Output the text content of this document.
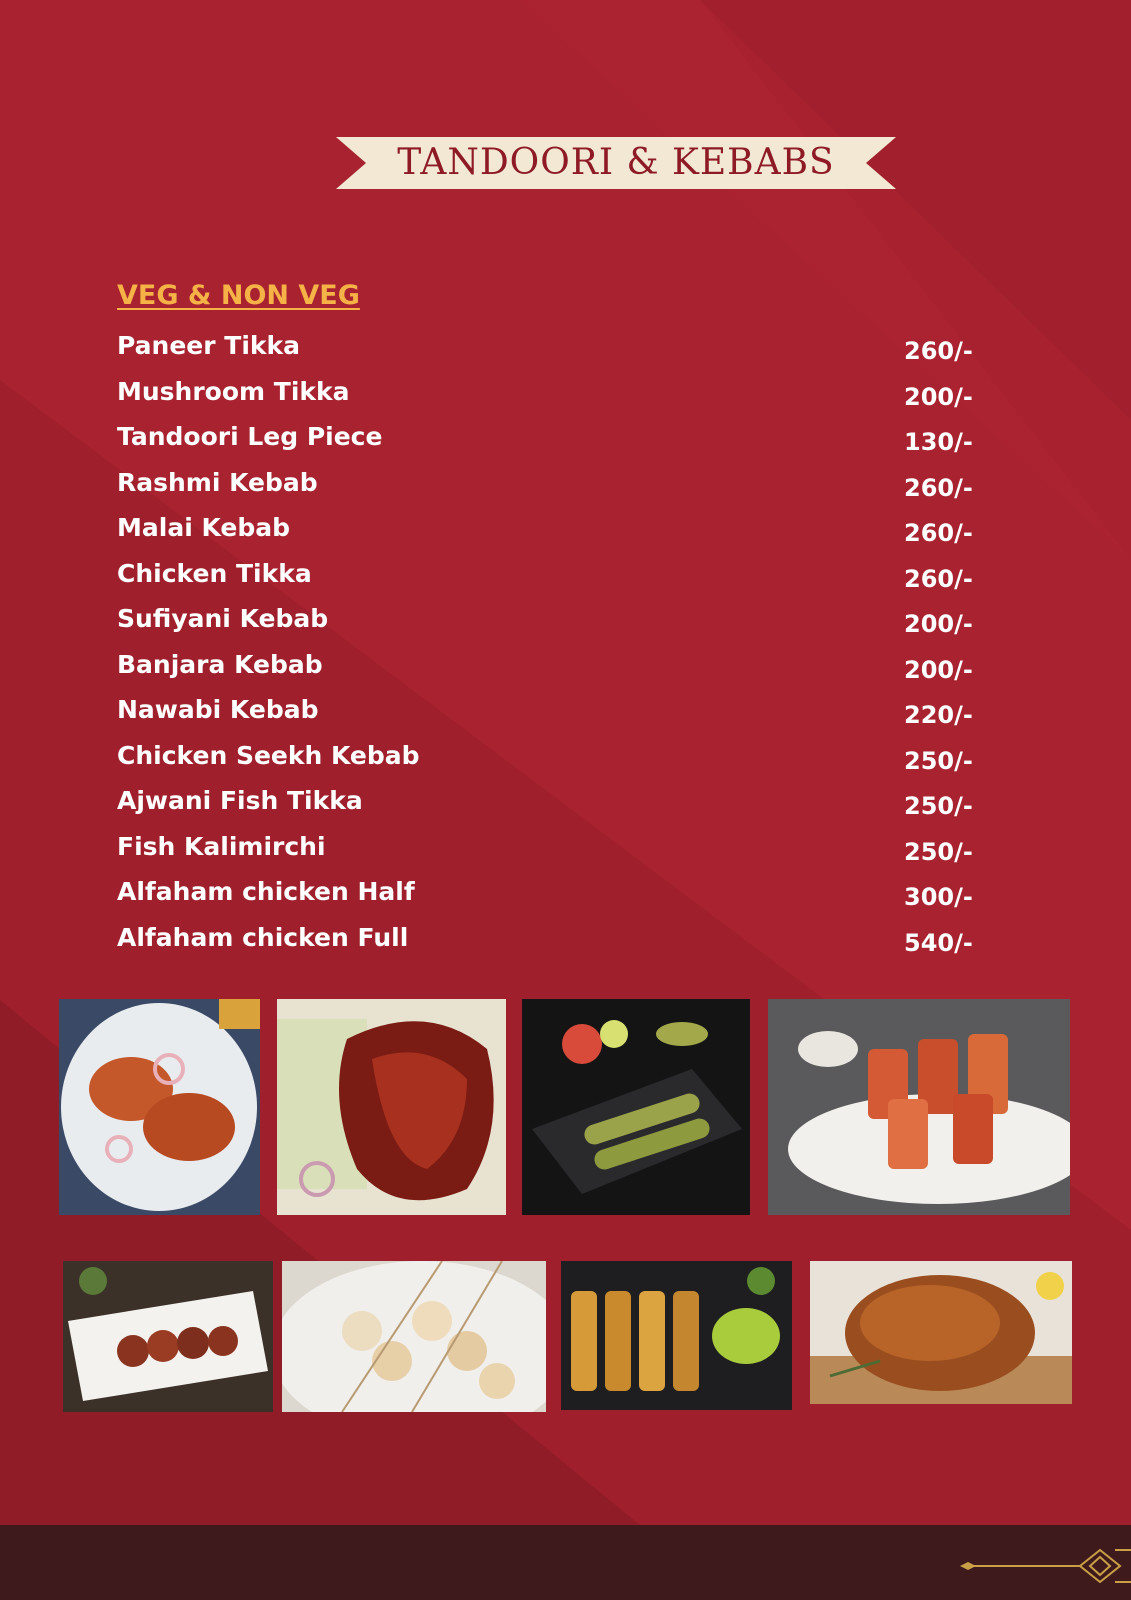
TANDOORI & KEBABS
VEG & NON VEG
Paneer Tikka	260/-
Mushroom Tikka	200/-
Tandoori Leg Piece	130/-
Rashmi Kebab	260/-
Malai Kebab	260/-
Chicken Tikka	260/-
Sufiyani Kebab	200/-
Banjara Kebab	200/-
Nawabi Kebab	220/-
Chicken Seekh Kebab	250/-
Ajwani Fish Tikka	250/-
Fish Kalimirchi	250/-
Alfaham chicken Half	300/-
Alfaham chicken Full	540/-
